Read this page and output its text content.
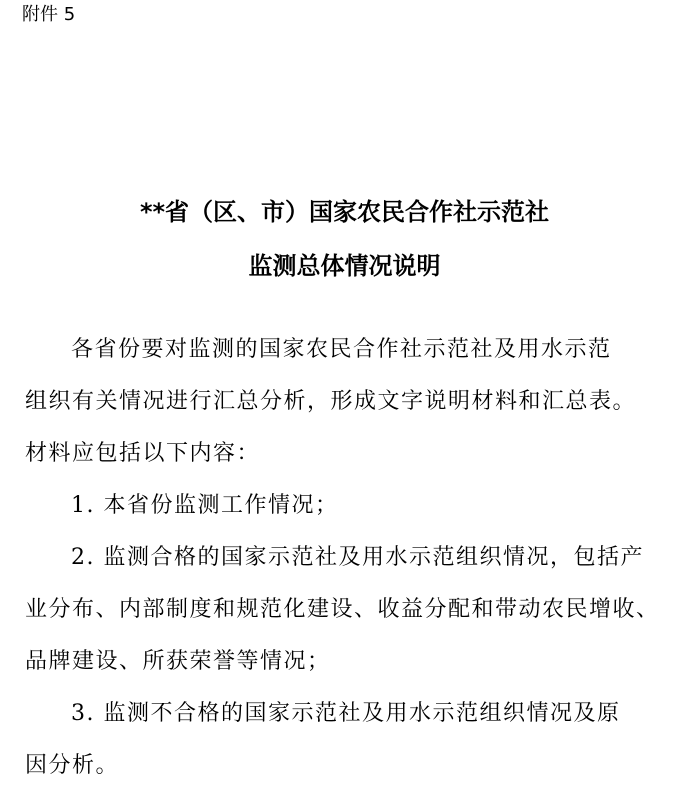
附件 5
**省（区、市）国家农民合作社示范社
监测总体情况说明
各省份要对监测的国家农民合作社示范社及用水示范
组织有关情况进行汇总分析，形成文字说明材料和汇总表。
材料应包括以下内容：
1. 本省份监测工作情况；
2. 监测合格的国家示范社及用水示范组织情况，包括产
业分布、内部制度和规范化建设、收益分配和带动农民增收、
品牌建设、所获荣誉等情况；
3. 监测不合格的国家示范社及用水示范组织情况及原
因分析。
